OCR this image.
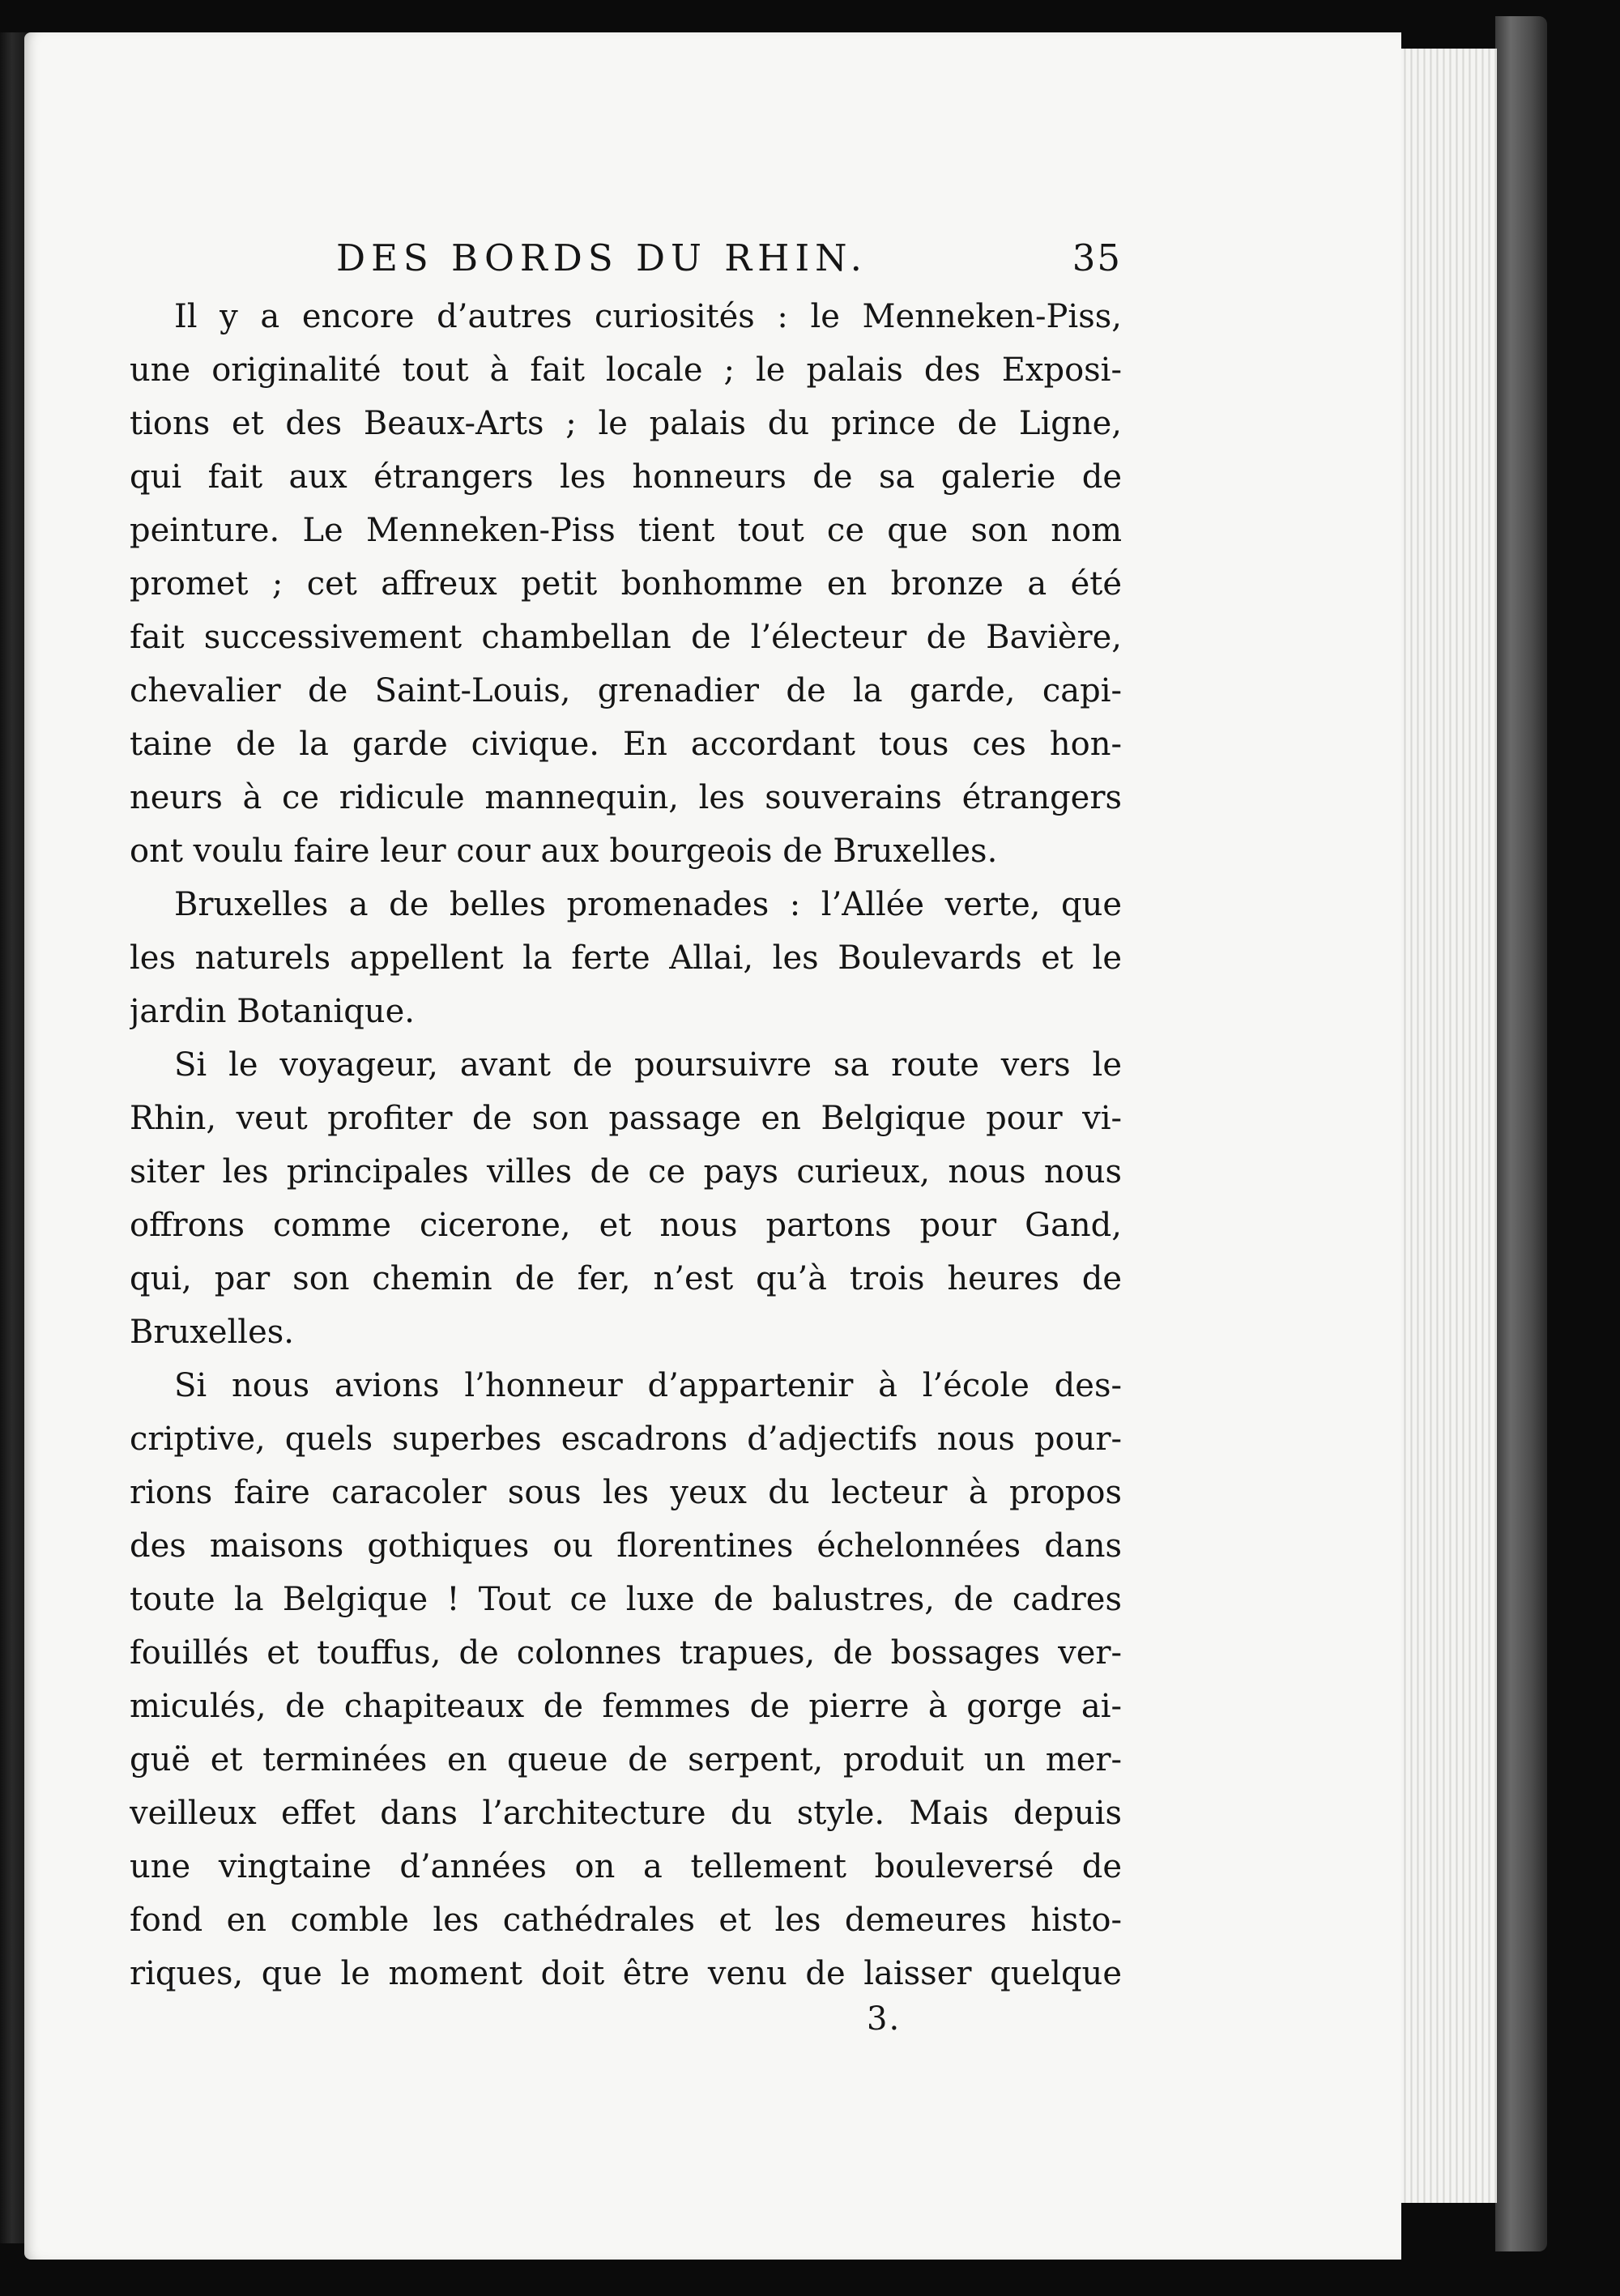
DES BORDS DU RHIN.	35
Il y a encore d’autres curiosités : le Menneken-Piss,
une originalité tout à fait locale ; le palais des Exposi-
tions et des Beaux-Arts ; le palais du prince de Ligne,
qui fait aux étrangers les honneurs de sa galerie de
peinture. Le Menneken-Piss tient tout ce que son nom
promet ; cet affreux petit bonhomme en bronze a été
fait successivement chambellan de l’électeur de Bavière,
chevalier de Saint-Louis, grenadier de la garde, capi-
taine de la garde civique. En accordant tous ces hon-
neurs à ce ridicule mannequin, les souverains étrangers
ont voulu faire leur cour aux bourgeois de Bruxelles.
Bruxelles a de belles promenades : l’Allée verte, que
les naturels appellent la ferte Allai, les Boulevards et le
jardin Botanique.
Si le voyageur, avant de poursuivre sa route vers le
Rhin, veut profiter de son passage en Belgique pour vi-
siter les principales villes de ce pays curieux, nous nous
offrons comme cicerone, et nous partons pour Gand,
qui, par son chemin de fer, n’est qu’à trois heures de
Bruxelles.
Si nous avions l’honneur d’appartenir à l’école des-
criptive, quels superbes escadrons d’adjectifs nous pour-
rions faire caracoler sous les yeux du lecteur à propos
des maisons gothiques ou florentines échelonnées dans
toute la Belgique ! Tout ce luxe de balustres, de cadres
fouillés et touffus, de colonnes trapues, de bossages ver-
miculés, de chapiteaux de femmes de pierre à gorge ai-
guë et terminées en queue de serpent, produit un mer-
veilleux effet dans l’architecture du style. Mais depuis
une vingtaine d’années on a tellement bouleversé de
fond en comble les cathédrales et les demeures histo-
riques, que le moment doit être venu de laisser quelque
3.
